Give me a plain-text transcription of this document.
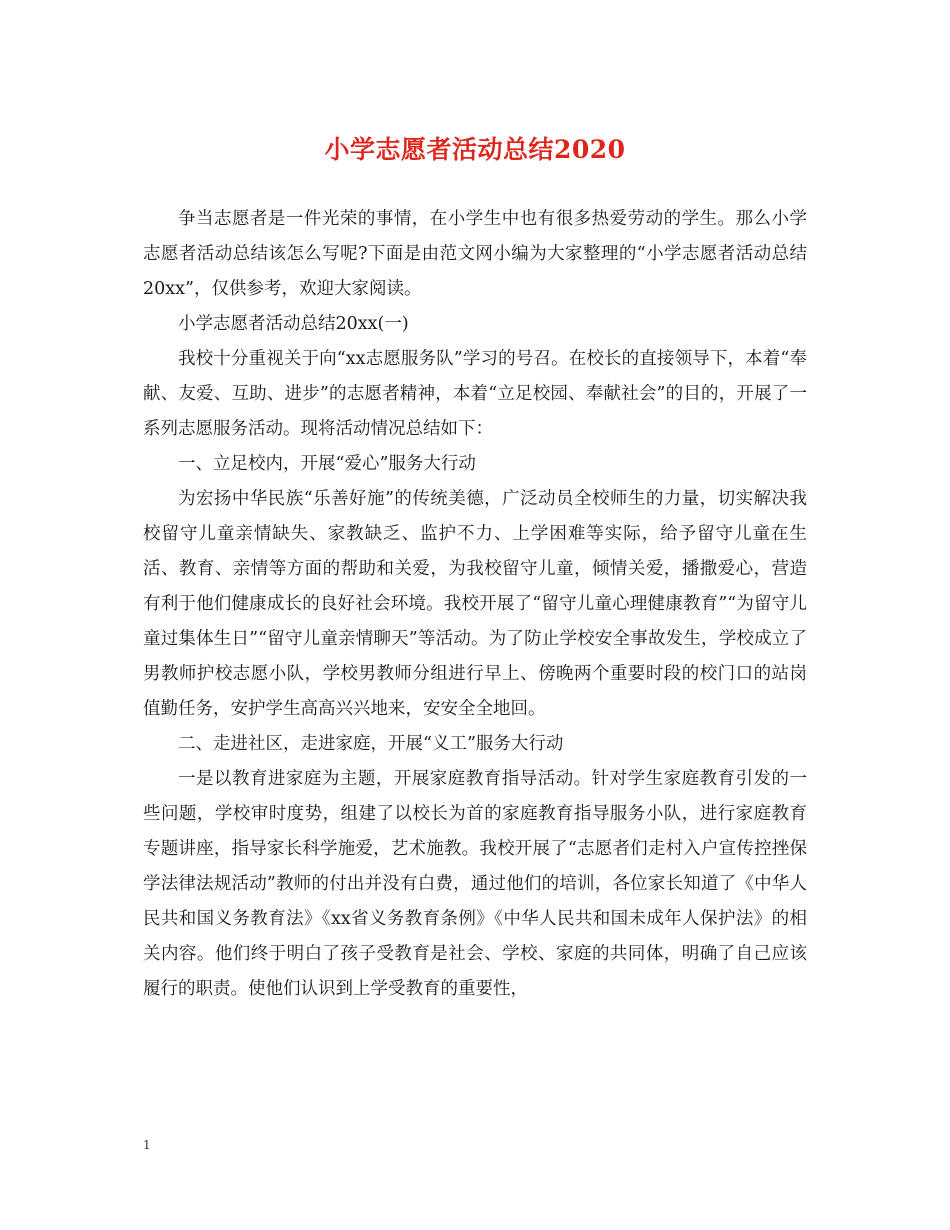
小学志愿者活动总结2020

争当志愿者是一件光荣的事情，在小学生中也有很多热爱劳动的学生。那么小学志愿者活动总结该怎么写呢?下面是由范文网小编为大家整理的“小学志愿者活动总结20xx”，仅供参考，欢迎大家阅读。

小学志愿者活动总结20xx(一)

我校十分重视关于向“xx志愿服务队”学习的号召。在校长的直接领导下，本着“奉献、友爱、互助、进步”的志愿者精神，本着“立足校园、奉献社会”的目的，开展了一系列志愿服务活动。现将活动情况总结如下：

一、立足校内，开展“爱心”服务大行动

为宏扬中华民族“乐善好施”的传统美德，广泛动员全校师生的力量，切实解决我校留守儿童亲情缺失、家教缺乏、监护不力、上学困难等实际，给予留守儿童在生活、教育、亲情等方面的帮助和关爱，为我校留守儿童，倾情关爱，播撒爱心，营造有利于他们健康成长的良好社会环境。我校开展了“留守儿童心理健康教育”“为留守儿童过集体生日”“留守儿童亲情聊天”等活动。为了防止学校安全事故发生，学校成立了男教师护校志愿小队，学校男教师分组进行早上、傍晚两个重要时段的校门口的站岗值勤任务，安护学生高高兴兴地来，安安全全地回。

二、走进社区，走进家庭，开展“义工”服务大行动

一是以教育进家庭为主题，开展家庭教育指导活动。针对学生家庭教育引发的一些问题，学校审时度势，组建了以校长为首的家庭教育指导服务小队，进行家庭教育专题讲座，指导家长科学施爱，艺术施教。我校开展了“志愿者们走村入户宣传控挫保学法律法规活动”教师的付出并没有白费，通过他们的培训，各位家长知道了《中华人民共和国义务教育法》《xx省义务教育条例》《中华人民共和国未成年人保护法》的相关内容。他们终于明白了孩子受教育是社会、学校、家庭的共同体，明确了自己应该履行的职责。使他们认识到上学受教育的重要性，

1
